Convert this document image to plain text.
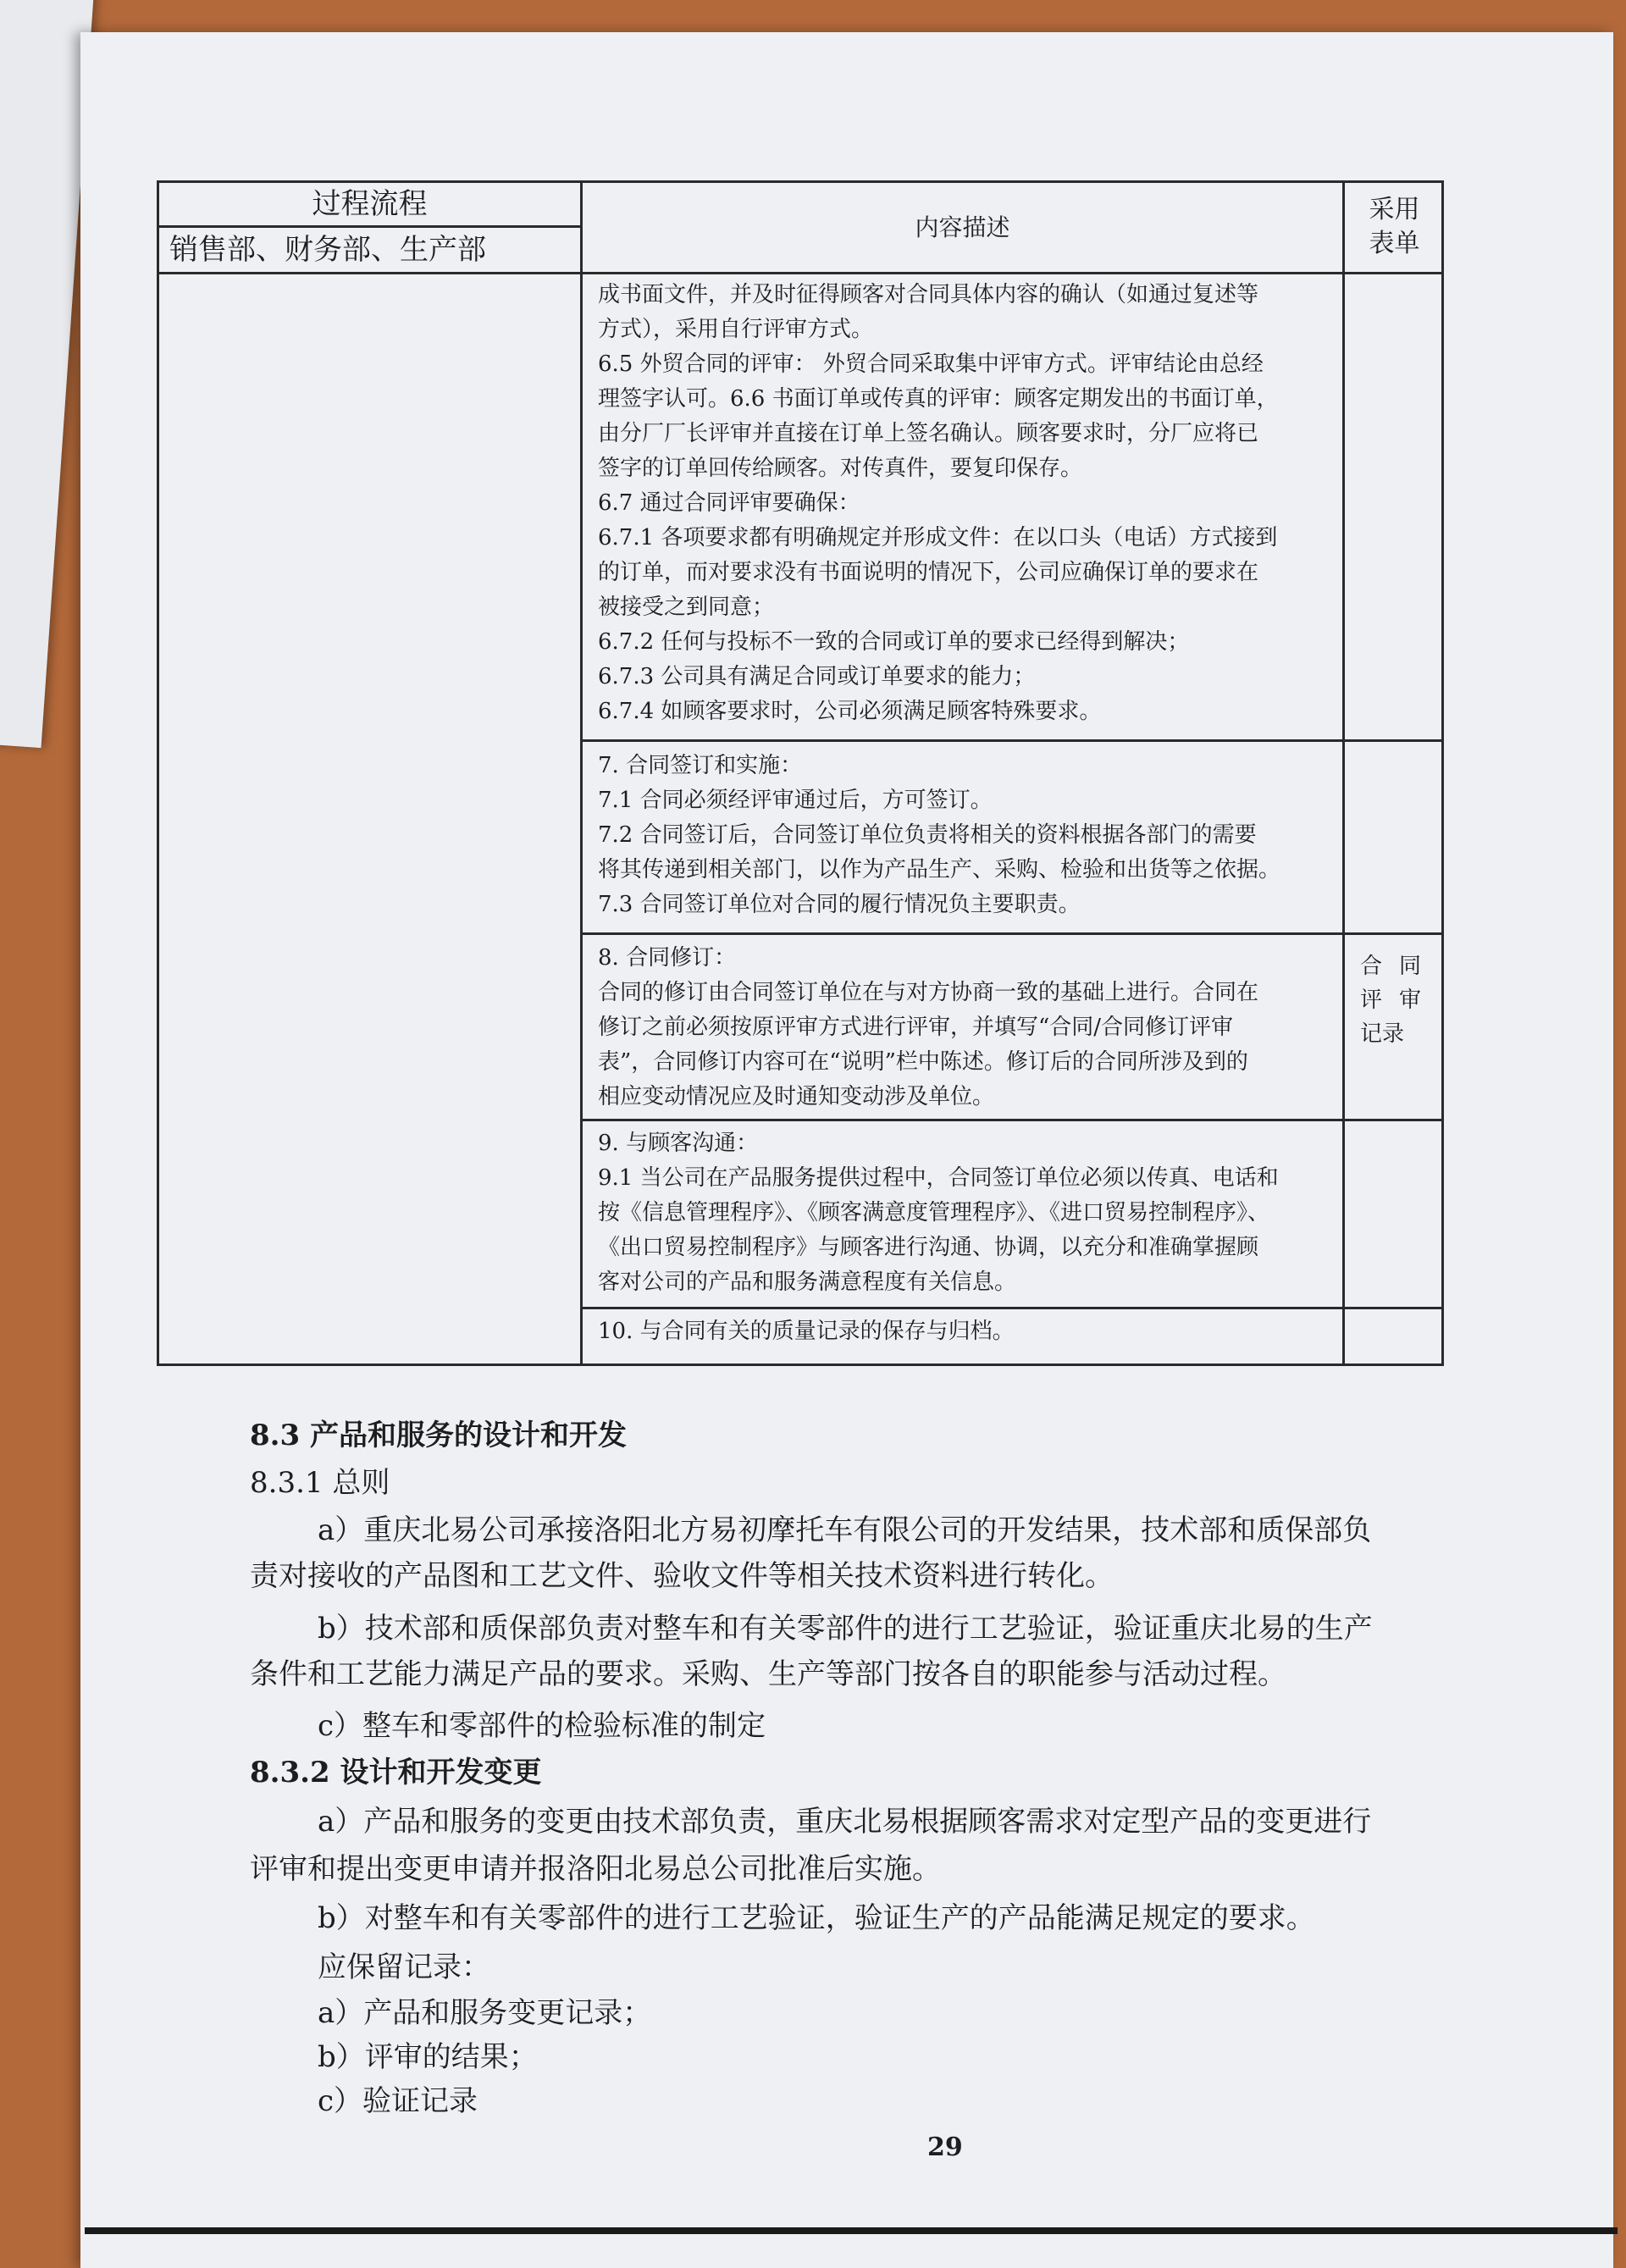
过程流程
销售部、财务部、生产部
内容描述
采用
表单

成书面文件，并及时征得顾客对合同具体内容的确认（如通过复述等

方式），采用自行评审方式。

6.5 外贸合同的评审： 外贸合同采取集中评审方式。评审结论由总经

理签字认可。6.6 书面订单或传真的评审：顾客定期发出的书面订单，

由分厂厂长评审并直接在订单上签名确认。顾客要求时，分厂应将已

签字的订单回传给顾客。对传真件，要复印保存。

6.7 通过合同评审要确保：

6.7.1 各项要求都有明确规定并形成文件：在以口头（电话）方式接到

的订单，而对要求没有书面说明的情况下，公司应确保订单的要求在

被接受之到同意；

6.7.2 任何与投标不一致的合同或订单的要求已经得到解决；

6.7.3 公司具有满足合同或订单要求的能力；

6.7.4 如顾客要求时，公司必须满足顾客特殊要求。

7. 合同签订和实施：

7.1 合同必须经评审通过后，方可签订。

7.2 合同签订后，合同签订单位负责将相关的资料根据各部门的需要

将其传递到相关部门，以作为产品生产、采购、检验和出货等之依据。

7.3 合同签订单位对合同的履行情况负主要职责。

8. 合同修订：

合同的修订由合同签订单位在与对方协商一致的基础上进行。合同在

修订之前必须按原评审方式进行评审，并填写“合同/合同修订评审

表”，合同修订内容可在“说明”栏中陈述。修订后的合同所涉及到的

相应变动情况应及时通知变动涉及单位。

合同
评审
记录

9. 与顾客沟通：

9.1 当公司在产品服务提供过程中，合同签订单位必须以传真、电话和

按《信息管理程序》、《顾客满意度管理程序》、《进口贸易控制程序》、

《出口贸易控制程序》与顾客进行沟通、协调，以充分和准确掌握顾

客对公司的产品和服务满意程度有关信息。

10. 与合同有关的质量记录的保存与归档。

8.3 产品和服务的设计和开发
8.3.1 总则
a）重庆北易公司承接洛阳北方易初摩托车有限公司的开发结果，技术部和质保部负
责对接收的产品图和工艺文件、验收文件等相关技术资料进行转化。
b）技术部和质保部负责对整车和有关零部件的进行工艺验证，验证重庆北易的生产
条件和工艺能力满足产品的要求。采购、生产等部门按各自的职能参与活动过程。
c）整车和零部件的检验标准的制定
8.3.2 设计和开发变更
a）产品和服务的变更由技术部负责，重庆北易根据顾客需求对定型产品的变更进行
评审和提出变更申请并报洛阳北易总公司批准后实施。
b）对整车和有关零部件的进行工艺验证，验证生产的产品能满足规定的要求。
应保留记录：
a）产品和服务变更记录；
b）评审的结果；
c）验证记录
29
